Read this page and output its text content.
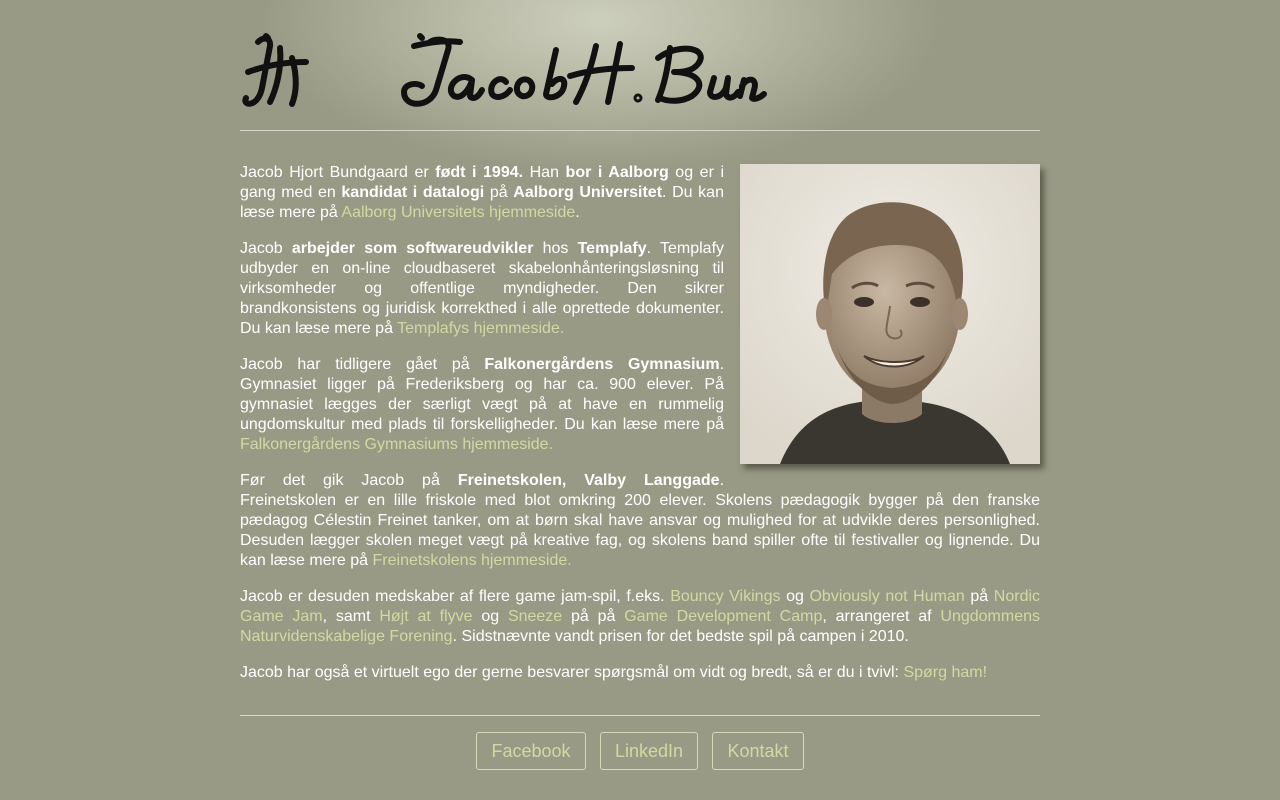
Jacob Hjort Bundgaard er født i 1994. Han bor i Aalborg og er i gang med en kandidat i datalogi på Aalborg Universitet. Du kan læse mere på Aalborg Universitets hjemmeside.

Jacob arbejder som softwareudvikler hos Templafy. Templafy udbyder en on-line cloudbaseret skabelonhånteringsløsning til virksomheder og offentlige myndigheder. Den sikrer brandkonsistens og juridisk korrekthed i alle oprettede dokumenter. Du kan læse mere på Templafys hjemmeside.

Jacob har tidligere gået på Falkonergårdens Gymnasium. Gymnasiet ligger på Frederiksberg og har ca. 900 elever. På gymnasiet lægges der særligt vægt på at have en rummelig ungdomskultur med plads til forskelligheder. Du kan læse mere på Falkonergårdens Gymnasiums hjemmeside.

Før det gik Jacob på Freinetskolen, Valby Langgade. Freinetskolen er en lille friskole med blot omkring 200 elever. Skolens pædagogik bygger på den franske pædagog Célestin Freinet tanker, om at børn skal have ansvar og mulighed for at udvikle deres personlighed. Desuden lægger skolen meget vægt på kreative fag, og skolens band spiller ofte til festivaller og lignende. Du kan læse mere på Freinetskolens hjemmeside.

Jacob er desuden medskaber af flere game jam-spil, f.eks. Bouncy Vikings og Obviously not Human på Nordic Game Jam, samt Højt at flyve og Sneeze på på Game Development Camp, arrangeret af Ungdommens Naturvidenskabelige Forening. Sidstnævnte vandt prisen for det bedste spil på campen i 2010.

Jacob har også et virtuelt ego der gerne besvarer spørgsmål om vidt og bredt, så er du i tvivl: Spørg ham!

Facebook LinkedIn Kontakt
